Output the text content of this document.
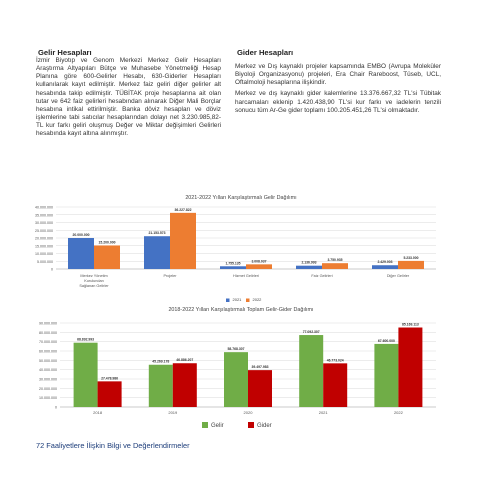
Gelir Hesapları

İzmir Biyotıp ve Genom Merkezi Merkez Gelir Hesapları Araştırma Altyapıları Bütçe ve Muhasebe Yönetmeliği Hesap Planına göre 600-Gelirler Hesabı, 630-Giderler Hesapları kullanılarak kayıt edilmiştir. Merkez faiz geliri diğer gelirler alt hesabında takip edilmiştir. TÜBİTAK proje hesaplarına ait olan tutar ve 642 faiz gelirleri hesabından alınarak Diğer Mali Borçlar hesabına intikal ettirilmiştir. Banka döviz hesapları ve döviz işlemlerine tabi satıcılar hesaplarından dolayı net 3.230.985,82-TL kur farkı geliri oluşmuş Değer ve Miktar değişimleri Gelirleri hesabında kayıt altına alınmıştır.

Gider Hesapları

Merkez ve Dış kaynaklı projeler kapsamında EMBO (Avrupa Moleküler Biyoloji Organizasyonu) projeleri, Era Chair Rareboost, Tüseb, UCL, Oftalmoloji hesaplarına ilişkindir.

Merkez ve dış kaynaklı gider kalemlerine 13.376.667,32 TL'si Tübitak harcamaları eklenip 1.420.438,90 TL'si kur farkı ve iadelerin tenzili sonucu tüm Ar-Ge gider toplamı 100.205.451,26 TL'si olmaktadır.

2021-2022 Yılları Karşılaştırmalı Gelir Dağılımı
0
5.000.000
10.000.000
15.000.000
20.000.000
25.000.000
30.000.000
35.000.000
40.000.000
20.000.000
15.200.000
Merkez Yönetim
Kurulundan
Sağlanan Gelirler
21.153.573
36.227.822
Projeler
1.755.135	3.008.037
Hizmet Gelirleri
2.136.993
3.750.935
Faiz Gelirleri
2.429.003
5.233.000
Diğer Gelirler
2021	2022
2018-2022 Yılları Karşılaştırmalı Toplam Gelir-Gider Dağılımı
0
10.000.000
20.000.000
30.000.000
40.000.000
50.000.000
60.000.000
70.000.000
80.000.000
90.000.000
68.892.993
27.478.986
2018
45.269.178 46.886.207
2019
58.768.307
39.497.983
2020
77.092.307
46.773.024
2021
67.600.000
85.169.113
2022
Gelir	Gider
72 Faaliyetlere İlişkin Bilgi ve Değerlendirmeler
